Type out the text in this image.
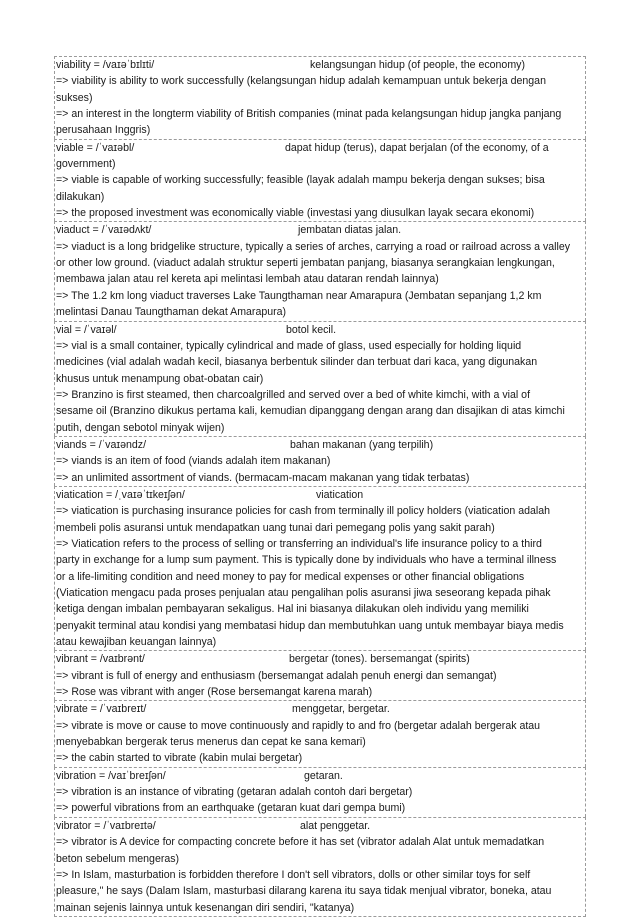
viability = /vaɪəˈbɪlɪti/	kelangsungan hidup (of people, the economy)
=> viability is ability to work successfully (kelangsungan hidup adalah kemampuan untuk bekerja dengan
sukses)
=> an interest in the longterm viability of British companies (minat pada kelangsungan hidup jangka panjang
perusahaan Inggris)
viable = /ˈvaɪəbl/	dapat hidup (terus), dapat berjalan (of the economy, of a
government)
=> viable is capable of working successfully; feasible (layak adalah mampu bekerja dengan sukses; bisa
dilakukan)
=> the proposed investment was economically viable (investasi yang diusulkan layak secara ekonomi)
viaduct = /ˈvaɪədʌkt/	jembatan diatas jalan.
=> viaduct is a long bridgelike structure, typically a series of arches, carrying a road or railroad across a valley
or other low ground. (viaduct adalah struktur seperti jembatan panjang, biasanya serangkaian lengkungan,
membawa jalan atau rel kereta api melintasi lembah atau dataran rendah lainnya)
=> The 1.2 km long viaduct traverses Lake Taungthaman near Amarapura (Jembatan sepanjang 1,2 km
melintasi Danau Taungthaman dekat Amarapura)
vial = /ˈvaɪəl/	botol kecil.
=> vial is a small container, typically cylindrical and made of glass, used especially for holding liquid
medicines (vial adalah wadah kecil, biasanya berbentuk silinder dan terbuat dari kaca, yang digunakan
khusus untuk menampung obat-obatan cair)
=> Branzino is first steamed, then charcoalgrilled and served over a bed of white kimchi, with a vial of
sesame oil (Branzino dikukus pertama kali, kemudian dipanggang dengan arang dan disajikan di atas kimchi
putih, dengan sebotol minyak wijen)
viands = /ˈvaɪəndz/	bahan makanan (yang terpilih)
=> viands is an item of food (viands adalah item makanan)
=> an unlimited assortment of viands. (bermacam-macam makanan yang tidak terbatas)
viatication = /ˌvaɪəˈtɪkeɪʃən/	viatication
=> viatication is purchasing insurance policies for cash from terminally ill policy holders (viatication adalah
membeli polis asuransi untuk mendapatkan uang tunai dari pemegang polis yang sakit parah)
=> Viatication refers to the process of selling or transferring an individual's life insurance policy to a third
party in exchange for a lump sum payment. This is typically done by individuals who have a terminal illness
or a life-limiting condition and need money to pay for medical expenses or other financial obligations
(Viatication mengacu pada proses penjualan atau pengalihan polis asuransi jiwa seseorang kepada pihak
ketiga dengan imbalan pembayaran sekaligus. Hal ini biasanya dilakukan oleh individu yang memiliki
penyakit terminal atau kondisi yang membatasi hidup dan membutuhkan uang untuk membayar biaya medis
atau kewajiban keuangan lainnya)
vibrant = /vaɪbrənt/	bergetar (tones). bersemangat (spirits)
=> vibrant is full of energy and enthusiasm (bersemangat adalah penuh energi dan semangat)
=> Rose was vibrant with anger (Rose bersemangat karena marah)
vibrate = /ˈvaɪbreɪt/	menggetar, bergetar.
=> vibrate is move or cause to move continuously and rapidly to and fro (bergetar adalah bergerak atau
menyebabkan bergerak terus menerus dan cepat ke sana kemari)
=> the cabin started to vibrate (kabin mulai bergetar)
vibration = /vaɪˈbreɪʃən/	getaran.
=> vibration is an instance of vibrating (getaran adalah contoh dari bergetar)
=> powerful vibrations from an earthquake (getaran kuat dari gempa bumi)
vibrator = /ˈvaɪbreɪtə/	alat penggetar.
=> vibrator is A device for compacting concrete before it has set (vibrator adalah Alat untuk memadatkan
beton sebelum mengeras)
=> In Islam, masturbation is forbidden therefore I don't sell vibrators, dolls or other similar toys for self
pleasure," he says (Dalam Islam, masturbasi dilarang karena itu saya tidak menjual vibrator, boneka, atau
mainan sejenis lainnya untuk kesenangan diri sendiri, "katanya)
